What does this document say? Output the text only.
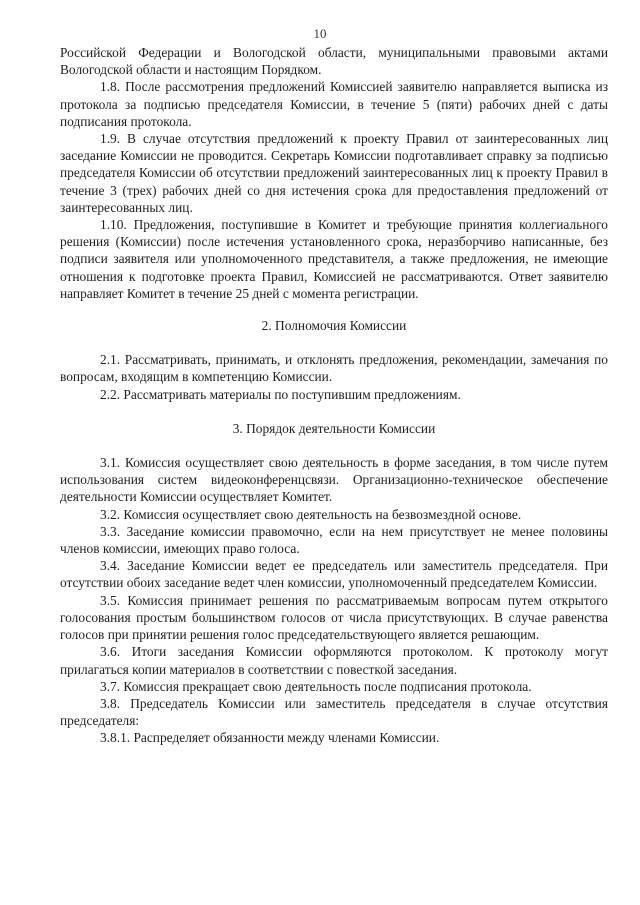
10

Российской Федерации и Вологодской области, муниципальными правовыми актами Вологодской области и настоящим Порядком.

1.8. После рассмотрения предложений Комиссией заявителю направляется выписка из протокола за подписью председателя Комиссии, в течение 5 (пяти) рабочих дней с даты подписания протокола.

1.9. В случае отсутствия предложений к проекту Правил от заинтересованных лиц заседание Комиссии не проводится. Секретарь Комиссии подготавливает справку за подписью председателя Комиссии об отсутствии предложений заинтересованных лиц к проекту Правил в течение 3 (трех) рабочих дней со дня истечения срока для предоставления предложений от заинтересованных лиц.

1.10. Предложения, поступившие в Комитет и требующие принятия коллегиального решения (Комиссии) после истечения установленного срока, неразборчиво написанные, без подписи заявителя или уполномоченного представителя, а также предложения, не имеющие отношения к подготовке проекта Правил, Комиссией не рассматриваются. Ответ заявителю направляет Комитет в течение 25 дней с момента регистрации.

2. Полномочия Комиссии

2.1. Рассматривать, принимать, и отклонять предложения, рекомендации, замечания по вопросам, входящим в компетенцию Комиссии.

2.2. Рассматривать материалы по поступившим предложениям.

3. Порядок деятельности Комиссии

3.1. Комиссия осуществляет свою деятельность в форме заседания, в том числе путем использования систем видеоконференцсвязи. Организационно-техническое обеспечение деятельности Комиссии осуществляет Комитет.

3.2. Комиссия осуществляет свою деятельность на безвозмездной основе.

3.3. Заседание комиссии правомочно, если на нем присутствует не менее половины членов комиссии, имеющих право голоса.

3.4. Заседание Комиссии ведет ее председатель или заместитель председателя. При отсутствии обоих заседание ведет член комиссии, уполномоченный председателем Комиссии.

3.5. Комиссия принимает решения по рассматриваемым вопросам путем открытого голосования простым большинством голосов от числа присутствующих. В случае равенства голосов при принятии решения голос председательствующего является решающим.

3.6. Итоги заседания Комиссии оформляются протоколом. К протоколу могут прилагаться копии материалов в соответствии с повесткой заседания.

3.7. Комиссия прекращает свою деятельность после подписания протокола.

3.8. Председатель Комиссии или заместитель председателя в случае отсутствия председателя:

3.8.1. Распределяет обязанности между членами Комиссии.
